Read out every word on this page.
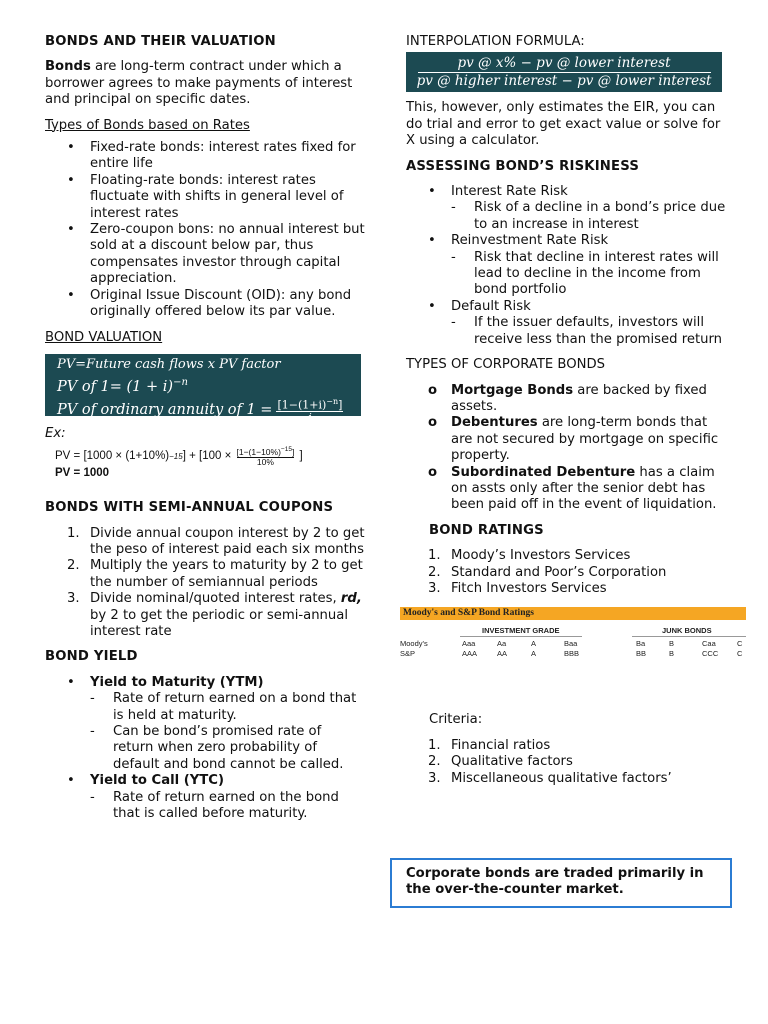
BONDS AND THEIR VALUATION

Bonds are long-term contract under which a borrower agrees to make payments of interest and principal on specific dates.

Types of Bonds based on Rates

• Fixed-rate bonds: interest rates fixed for entire life
• Floating-rate bonds: interest rates fluctuate with shifts in general level of interest rates
• Zero-coupon bons: no annual interest but sold at a discount below par, thus compensates investor through capital appreciation.
• Original Issue Discount (OID): any bond originally offered below its par value.

BOND VALUATION

PV=Future cash flows x PV factor
PV of $1= (1 + i)^{-n}$
PV of ordinary annuity of $1 = \frac{[1-(1+i)^{-n}]}{i}$

Ex:

PV = [1000 × (1+10%) −15 ] + [$100 \times \frac{[1-(1-10\%)^{-15}]}{10\%}$ ]
PV = 1000
BONDS WITH SEMI-ANNUAL COUPONS
1. Divide annual coupon interest by 2 to get the peso of interest paid each six months
2. Multiply the years to maturity by 2 to get the number of semiannual periods
3. Divide nominal/quoted interest rates, rd, by 2 to get the periodic or semi-annual interest rate
BOND YIELD
• Yield to Maturity (YTM)
- Rate of return earned on a bond that is held at maturity.
- Can be bond’s promised rate of return when zero probability of default and bond cannot be called.
• Yield to Call (YTC)
- Rate of return earned on the bond that is called before maturity.

INTERPOLATION FORMULA:

pv @ x% − pv @ lower interest
pv @ higher interest − pv @ lower interest

This, however, only estimates the EIR, you can do trial and error to get exact value or solve for X using a calculator.

ASSESSING BOND’S RISKINESS
• Interest Rate Risk
- Risk of a decline in a bond’s price due to an increase in interest
• Reinvestment Rate Risk
- Risk that decline in interest rates will lead to decline in the income from bond portfolio
• Default Risk
- If the issuer defaults, investors will receive less than the promised return

TYPES OF CORPORATE BONDS

o Mortgage Bonds are backed by fixed assets.
o Debentures are long-term bonds that are not secured by mortgage on specific property.
o Subordinated Debenture has a claim on assts only after the senior debt has been paid off in the event of liquidation.
BOND RATINGS
1. Moody’s Investors Services
2. Standard and Poor’s Corporation
3. Fitch Investors Services
Moody's and S&P Bond Ratings
INVESTMENT GRADE	JUNK BONDS
Moody's	Aaa	Aa	A	Baa	Ba	B	Caa	C
S&P	AAA	AA	A	BBB	BB	B	CCC	C

Criteria:

1. Financial ratios
2. Qualitative factors
3. Miscellaneous qualitative factors’

Corporate bonds are traded primarily in the over-the-counter market.
